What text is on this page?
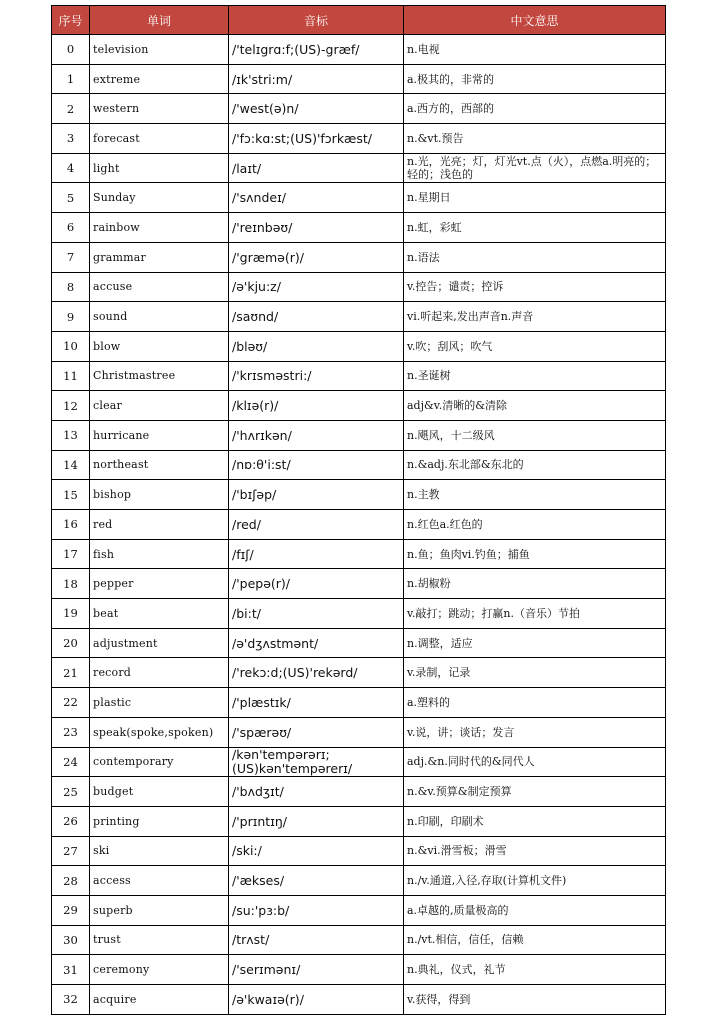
序号	单词	音标	中文意思
0	television	/'telɪgrɑ:f;(US)-græf/	n.电视
1	extreme	/ɪk'stri:m/	a.极其的，非常的
2	western	/'west(ə)n/	a.西方的，西部的
3	forecast	/'fɔ:kɑ:st;(US)'fɔrkæst/	n.&vt.预告
4	light	/laɪt/	n.光，光亮；灯，灯光vt.点（火），点燃a.明亮的；轻的；浅色的
5	Sunday	/'sʌndeɪ/	n.星期日
6	rainbow	/'reɪnbəʊ/	n.虹，彩虹
7	grammar	/'græmə(r)/	n.语法
8	accuse	/ə'kju:z/	v.控告；谴责；控诉
9	sound	/saʊnd/	vi.听起来,发出声音n.声音
10	blow	/bləʊ/	v.吹；刮风；吹气
11	Christmastree	/'krɪsməstri:/	n.圣诞树
12	clear	/klɪə(r)/	adj&v.清晰的&清除
13	hurricane	/'hʌrɪkən/	n.飓风，十二级风
14	northeast	/nɒ:θ'i:st/	n.&adj.东北部&东北的
15	bishop	/'bɪʃəp/	n.主教
16	red	/red/	n.红色a.红色的
17	fish	/fɪʃ/	n.鱼；鱼肉vi.钓鱼；捕鱼
18	pepper	/'pepə(r)/	n.胡椒粉
19	beat	/bi:t/	v.敲打；跳动；打赢n.（音乐）节拍
20	adjustment	/ə'dʒʌstmənt/	n.调整，适应
21	record	/'rekɔ:d;(US)'rekərd/	v.录制，记录
22	plastic	/'plæstɪk/	a.塑料的
23	speak(spoke,spoken)	/'spærəʊ/	v.说，讲；谈话；发言
24	contemporary	/kən'tempərərɪ;(US)kən'tempərerɪ/	adj.&n.同时代的&同代人
25	budget	/'bʌdʒɪt/	n.&v.预算&制定预算
26	printing	/'prɪntɪŋ/	n.印刷，印刷术
27	ski	/ski:/	n.&vi.滑雪板；滑雪
28	access	/'ækses/	n./v.通道,入径,存取(计算机文件)
29	superb	/su:'pɜ:b/	a.卓越的,质量极高的
30	trust	/trʌst/	n./vt.相信，信任，信赖
31	ceremony	/'serɪmənɪ/	n.典礼，仪式，礼节
32	acquire	/ə'kwaɪə(r)/	v.获得，得到
